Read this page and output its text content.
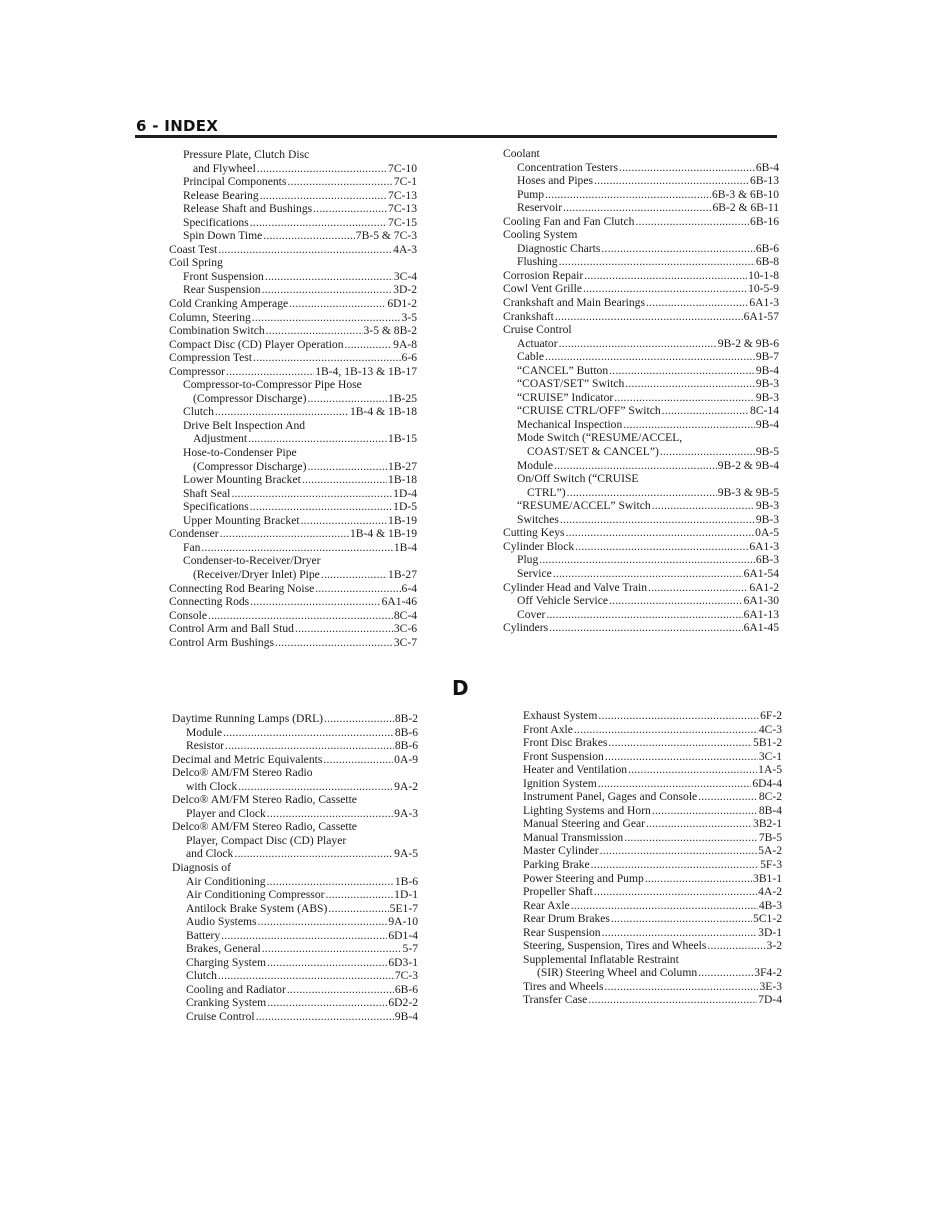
6 - INDEX
Pressure Plate, Clutch Disc
and Flywheel .....	7C-10
Principal Components .....	7C-1
Release Bearing .....	7C-13
Release Shaft and Bushings .....	7C-13
Specifications .....	7C-15
Spin Down Time .....	7B-5 & 7C-3
Coast Test .....	4A-3
Coil Spring
Front Suspension .....	3C-4
Rear Suspension .....	3D-2
Cold Cranking Amperage .....	6D1-2
Column, Steering .....	3-5
Combination Switch .....	3-5 & 8B-2
Compact Disc (CD) Player Operation .....	9A-8
Compression Test .....	6-6
Compressor .....	1B-4, 1B-13 & 1B-17
Compressor-to-Compressor Pipe Hose
(Compressor Discharge) .....	1B-25
Clutch .....	1B-4 & 1B-18
Drive Belt Inspection And
Adjustment .....	1B-15
Hose-to-Condenser Pipe
(Compressor Discharge) .....	1B-27
Lower Mounting Bracket .....	1B-18
Shaft Seal .....	1D-4
Specifications .....	1D-5
Upper Mounting Bracket .....	1B-19
Condenser .....	1B-4 & 1B-19
Fan .....	1B-4
Condenser-to-Receiver/Dryer
(Receiver/Dryer Inlet) Pipe .....	1B-27
Connecting Rod Bearing Noise .....	6-4
Connecting Rods .....	6A1-46
Console .....	8C-4
Control Arm and Ball Stud .....	3C-6
Control Arm Bushings .....	3C-7
Coolant
Concentration Testers .....	6B-4
Hoses and Pipes .....	6B-13
Pump .....	6B-3 & 6B-10
Reservoir .....	6B-2 & 6B-11
Cooling Fan and Fan Clutch .....	6B-16
Cooling System
Diagnostic Charts .....	6B-6
Flushing .....	6B-8
Corrosion Repair .....	10-1-8
Cowl Vent Grille .....	10-5-9
Crankshaft and Main Bearings .....	6A1-3
Crankshaft .....	6A1-57
Cruise Control
Actuator .....	9B-2 & 9B-6
Cable .....	9B-7
“CANCEL” Button .....	9B-4
“COAST/SET” Switch .....	9B-3
“CRUISE” Indicator .....	9B-3
“CRUISE CTRL/OFF” Switch .....	8C-14
Mechanical Inspection .....	9B-4
Mode Switch (“RESUME/ACCEL,
COAST/SET & CANCEL”) .....	9B-5
Module .....	9B-2 & 9B-4
On/Off Switch (“CRUISE
CTRL”) .....	9B-3 & 9B-5
“RESUME/ACCEL” Switch .....	9B-3
Switches .....	9B-3
Cutting Keys .....	0A-5
Cylinder Block .....	6A1-3
Plug .....	6B-3
Service .....	6A1-54
Cylinder Head and Valve Train .....	6A1-2
Off Vehicle Service .....	6A1-30
Cover .....	6A1-13
Cylinders .....	6A1-45
D
Daytime Running Lamps (DRL) .....	8B-2
Module .....	8B-6
Resistor .....	8B-6
Decimal and Metric Equivalents .....	0A-9
Delco® AM/FM Stereo Radio
with Clock .....	9A-2
Delco® AM/FM Stereo Radio, Cassette
Player and Clock .....	9A-3
Delco® AM/FM Stereo Radio, Cassette
Player, Compact Disc (CD) Player
and Clock .....	9A-5
Diagnosis of
Air Conditioning .....	1B-6
Air Conditioning Compressor .....	1D-1
Antilock Brake System (ABS) .....	5E1-7
Audio Systems .....	9A-10
Battery .....	6D1-4
Brakes, General .....	5-7
Charging System .....	6D3-1
Clutch .....	7C-3
Cooling and Radiator .....	6B-6
Cranking System .....	6D2-2
Cruise Control .....	9B-4
Exhaust System .....	6F-2
Front Axle .....	4C-3
Front Disc Brakes .....	5B1-2
Front Suspension .....	3C-1
Heater and Ventilation .....	1A-5
Ignition System .....	6D4-4
Instrument Panel, Gages and Console .....	8C-2
Lighting Systems and Horn .....	8B-4
Manual Steering and Gear .....	3B2-1
Manual Transmission .....	7B-5
Master Cylinder .....	5A-2
Parking Brake .....	5F-3
Power Steering and Pump .....	3B1-1
Propeller Shaft .....	4A-2
Rear Axle .....	4B-3
Rear Drum Brakes .....	5C1-2
Rear Suspension .....	3D-1
Steering, Suspension, Tires and Wheels .....	3-2
Supplemental Inflatable Restraint
(SIR) Steering Wheel and Column .....	3F4-2
Tires and Wheels .....	3E-3
Transfer Case .....	7D-4
